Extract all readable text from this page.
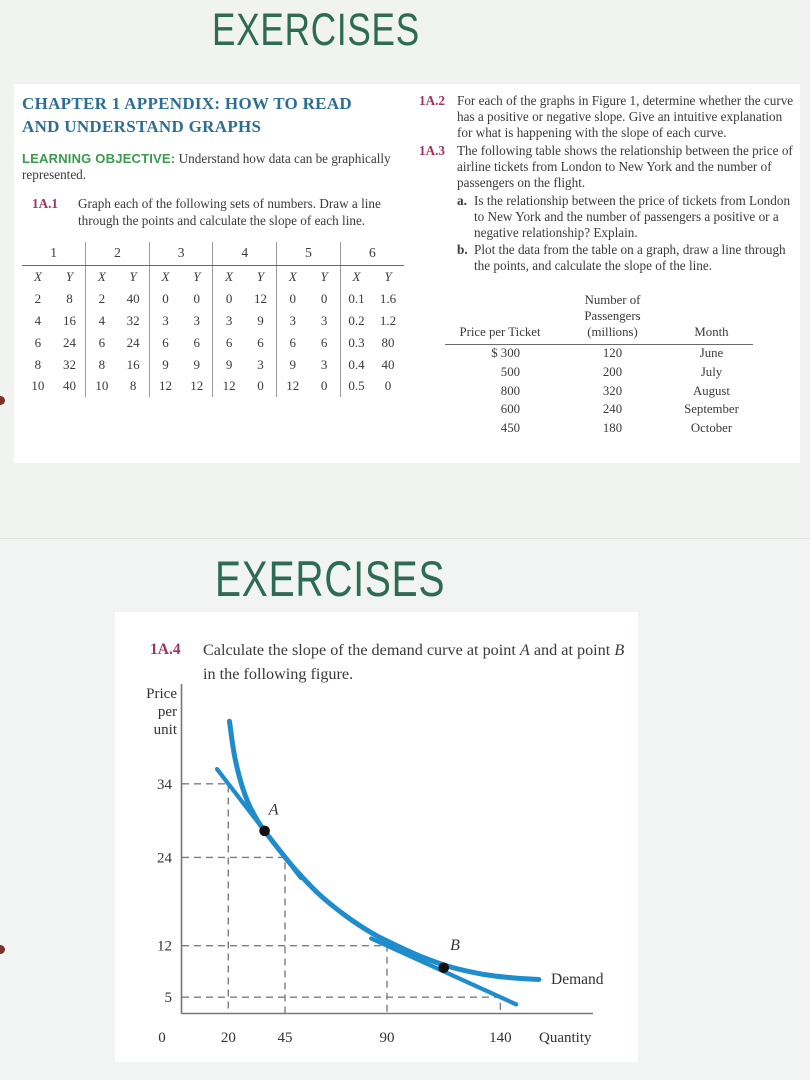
EXERCISES
CHAPTER 1 APPENDIX: HOW TO READ AND UNDERSTAND GRAPHS

LEARNING OBJECTIVE: Understand how data can be graphically represented.

1A.1	Graph each of the following sets of numbers. Draw a line through the points and calculate the slope of each line.
1		2		3		4		5		6	
X	Y	X	Y	X	Y	X	Y	X	Y	X	Y
2	8	2	40	0	0	0	12	0	0	0.1	1.6
4	16	4	32	3	3	3	9	3	3	0.2	1.2
6	24	6	24	6	6	6	6	6	6	0.3	80
8	32	8	16	9	9	9	3	9	3	0.4	40
10	40	10	8	12	12	12	0	12	0	0.5	0
1A.2 For each of the graphs in Figure 1, determine whether the curve has a positive or negative slope. Give an intuitive explanation for what is happening with the slope of each curve.
1A.3 The following table shows the relationship between the price of airline tickets from London to New York and the number of passengers on the flight.
a. Is the relationship between the price of tickets from London to New York and the number of passengers a positive or a negative relationship? Explain.
b. Plot the data from the table on a graph, draw a line through the points, and calculate the slope of the line.
Price per Ticket	Number of
Passengers
(millions)	Month
$ 300	120	June
500	200	July
800	320	August
600	240	September
450	180	October
EXERCISES
1A.4	Calculate the slope of the demand curve at point A and at point B in the following figure.
Price
per
unit
34
24
12
5
0	20	45	90	140 Quantity
A
B
Demand
